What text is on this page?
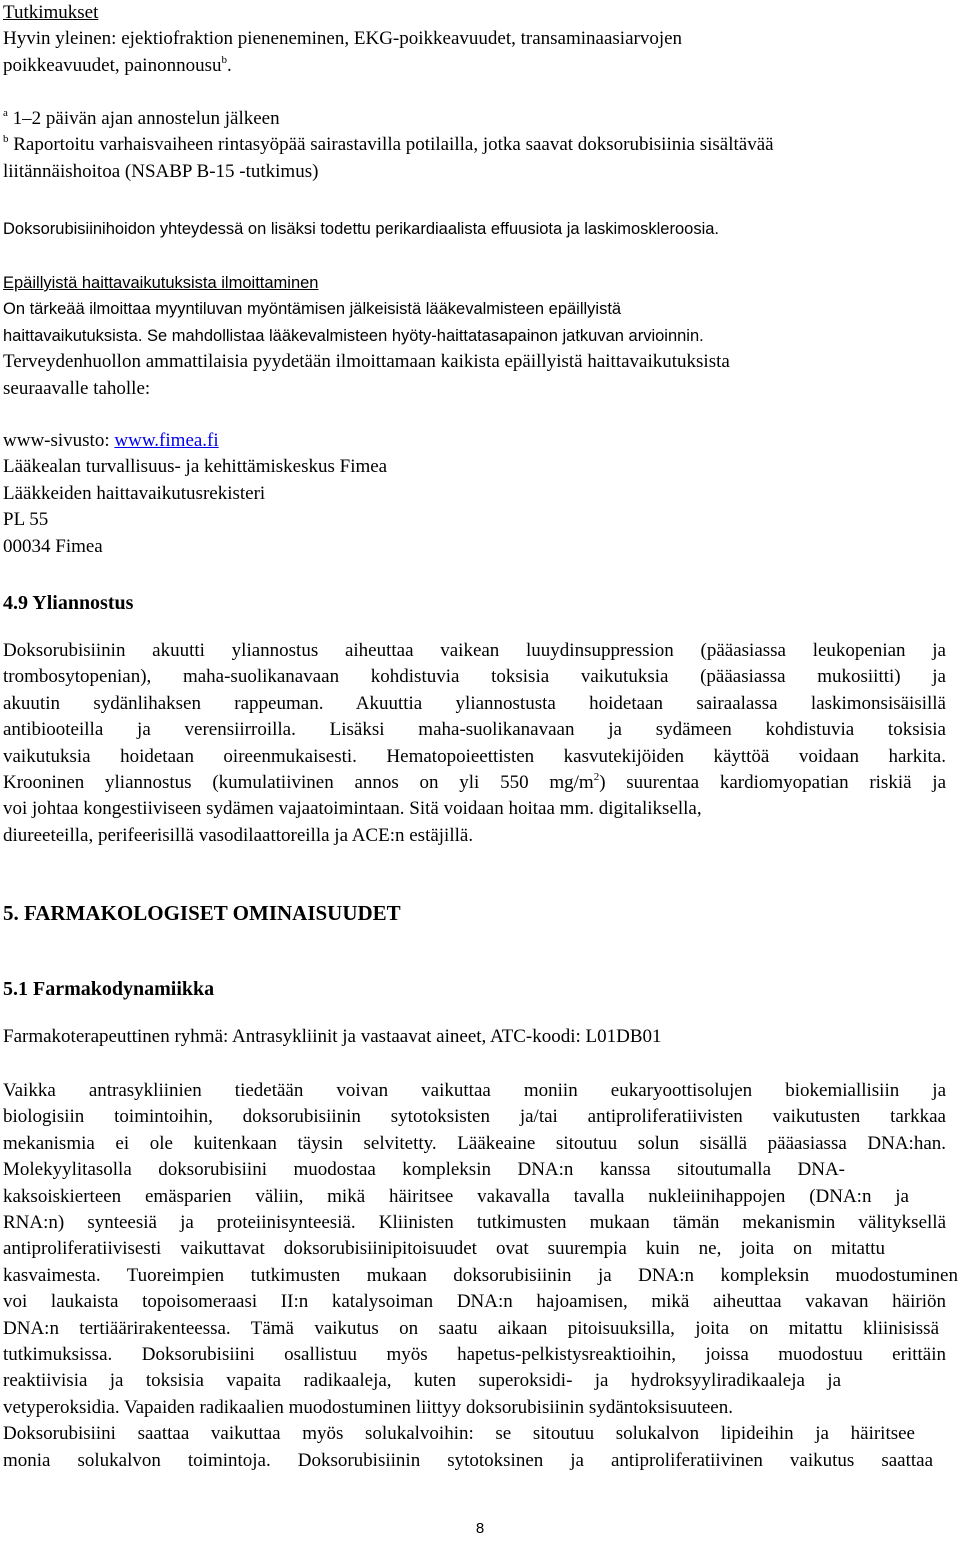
Tutkimukset
Hyvin yleinen: ejektiofraktion pieneneminen, EKG-poikkeavuudet, transaminaasiarvojen
poikkeavuudet, painonnousu$^b$.
$^a$ 1–2 päivän ajan annostelun jälkeen
$^b$ Raportoitu varhaisvaiheen rintasyöpää sairastavilla potilailla, jotka saavat doksorubisiinia sisältävää
liitännäishoitoa (NSABP B-15 -tutkimus)
Doksorubisiinihoidon yhteydessä on lisäksi todettu perikardiaalista effuusiota ja laskimoskleroosia.
Epäillyistä haittavaikutuksista ilmoittaminen
On tärkeää ilmoittaa myyntiluvan myöntämisen jälkeisistä lääkevalmisteen epäillyistä
haittavaikutuksista. Se mahdollistaa lääkevalmisteen hyöty-haittatasapainon jatkuvan arvioinnin.
Terveydenhuollon ammattilaisia pyydetään ilmoittamaan kaikista epäillyistä haittavaikutuksista
seuraavalle taholle:
www-sivusto: www.fimea.fi
Lääkealan turvallisuus- ja kehittämiskeskus Fimea
Lääkkeiden haittavaikutusrekisteri
PL 55
00034 Fimea
4.9 Yliannostus
Doksorubisiinin akuutti yliannostus aiheuttaa vaikean luuydinsuppression (pääasiassa leukopenian ja
trombosytopenian), maha-suolikanavaan kohdistuvia toksisia vaikutuksia (pääasiassa mukosiitti) ja
akuutin sydänlihaksen rappeuman. Akuuttia yliannostusta hoidetaan sairaalassa laskimonsisäisillä
antibiooteilla ja verensiirroilla. Lisäksi maha-suolikanavaan ja sydämeen kohdistuvia toksisia
vaikutuksia hoidetaan oireenmukaisesti. Hematopoieettisten kasvutekijöiden käyttöä voidaan harkita.
Krooninen yliannostus (kumulatiivinen annos on yli 550 $mg/m^2$) suurentaa kardiomyopatian riskiä ja
voi johtaa kongestiiviseen sydämen vajaatoimintaan. Sitä voidaan hoitaa mm. digitaliksella,
diureeteilla, perifeerisillä vasodilaattoreilla ja ACE:n estäjillä.
5. FARMAKOLOGISET OMINAISUUDET
5.1 Farmakodynamiikka
Farmakoterapeuttinen ryhmä: Antrasykliinit ja vastaavat aineet, ATC-koodi: L01DB01
Vaikka antrasykliinien tiedetään voivan vaikuttaa moniin eukaryoottisolujen biokemiallisiin ja
biologisiin toimintoihin, doksorubisiinin sytotoksisten ja/tai antiproliferatiivisten vaikutusten tarkkaa
mekanismia ei ole kuitenkaan täysin selvitetty. Lääkeaine sitoutuu solun sisällä pääasiassa DNA:han.
Molekyylitasolla doksorubisiini muodostaa kompleksin DNA:n kanssa sitoutumalla DNA-
kaksoiskierteen emäsparien väliin, mikä häiritsee vakavalla tavalla nukleiinihappojen (DNA:n ja
RNA:n) synteesiä ja proteiinisynteesiä. Kliinisten tutkimusten mukaan tämän mekanismin välityksellä
antiproliferatiivisesti vaikuttavat doksorubisiinipitoisuudet ovat suurempia kuin ne, joita on mitattu
kasvaimesta. Tuoreimpien tutkimusten mukaan doksorubisiinin ja DNA:n kompleksin muodostuminen
voi laukaista topoisomeraasi II:n katalysoiman DNA:n hajoamisen, mikä aiheuttaa vakavan häiriön
DNA:n tertiäärirakenteessa. Tämä vaikutus on saatu aikaan pitoisuuksilla, joita on mitattu kliinisissä
tutkimuksissa. Doksorubisiini osallistuu myös hapetus-pelkistysreaktioihin, joissa muodostuu erittäin
reaktiivisia ja toksisia vapaita radikaaleja, kuten superoksidi- ja hydroksyyliradikaaleja ja
vetyperoksidia. Vapaiden radikaalien muodostuminen liittyy doksorubisiinin sydäntoksisuuteen.
Doksorubisiini saattaa vaikuttaa myös solukalvoihin: se sitoutuu solukalvon lipideihin ja häiritsee
monia solukalvon toimintoja. Doksorubisiinin sytotoksinen ja antiproliferatiivinen vaikutus saattaa
8
